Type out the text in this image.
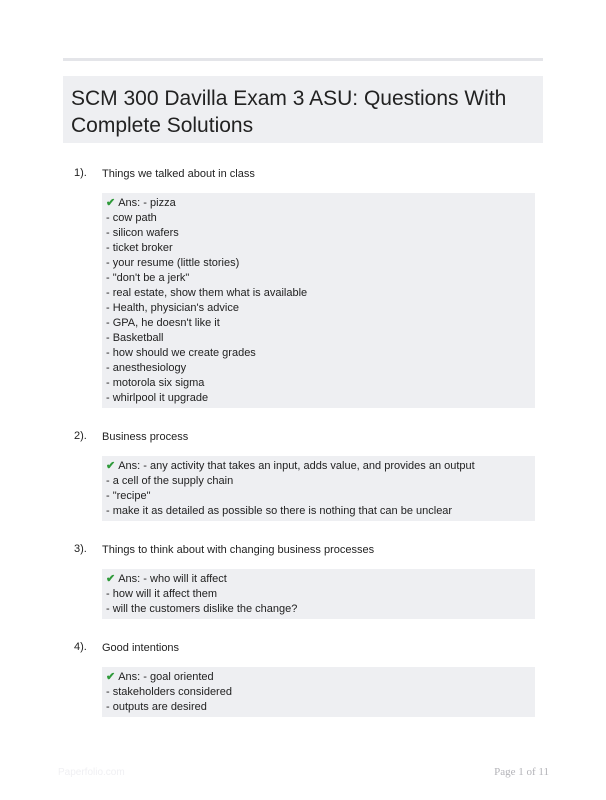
SCM 300 Davilla Exam 3 ASU: Questions With Complete Solutions
1). Things we talked about in class
✔ Ans: - pizza
- cow path
- silicon wafers
- ticket broker
- your resume (little stories)
- "don't be a jerk"
- real estate, show them what is available
- Health, physician's advice
- GPA, he doesn't like it
- Basketball
- how should we create grades
- anesthesiology
- motorola six sigma
- whirlpool it upgrade
2). Business process
✔ Ans: - any activity that takes an input, adds value, and provides an output
- a cell of the supply chain
- "recipe"
- make it as detailed as possible so there is nothing that can be unclear
3). Things to think about with changing business processes
✔ Ans: - who will it affect
- how will it affect them
- will the customers dislike the change?
4). Good intentions
✔ Ans: - goal oriented
- stakeholders considered
- outputs are desired
Paperfolio.com	Page 1 of 11
